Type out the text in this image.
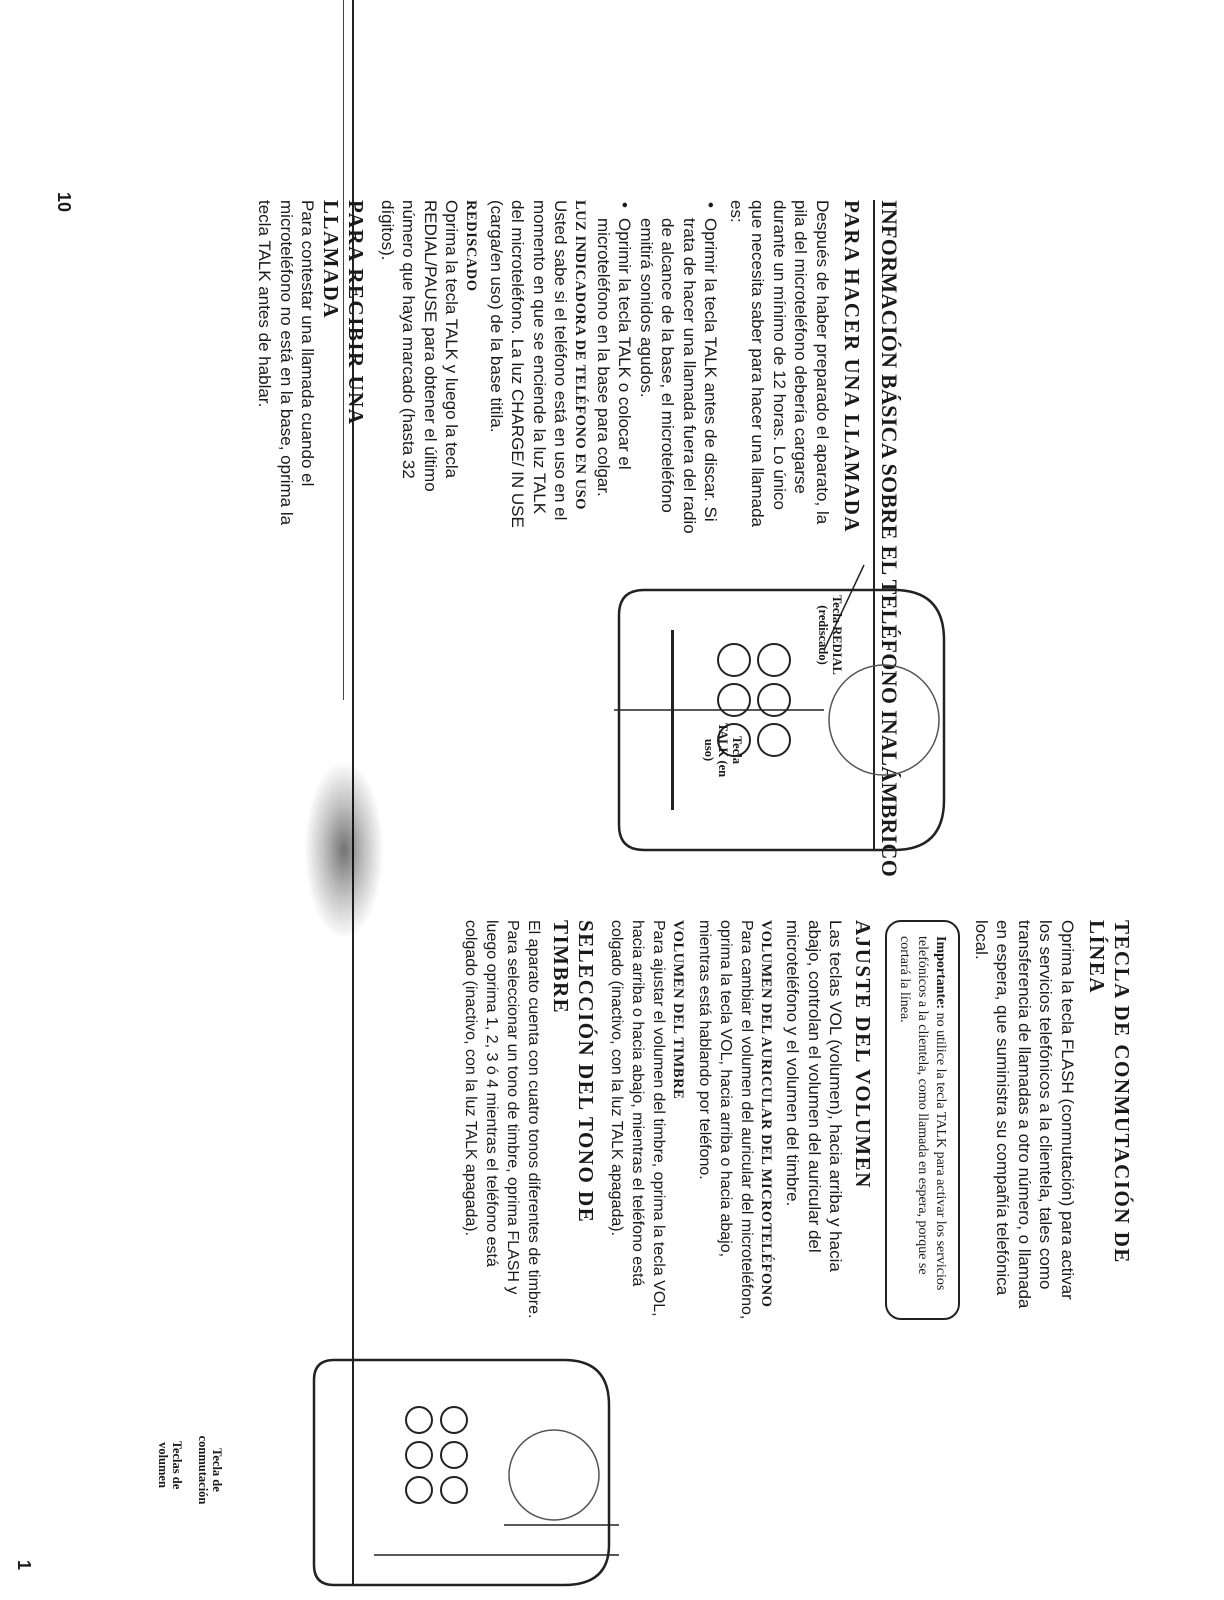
10	INFORMACIÓN BÁSICA SOBRE EL TELÉFONO INALÁMBRICO
PARA HACER UNA LLAMADA

Después de haber preparado el aparato, la pila del microteléfono debería cargarse durante un mínimo de 12 horas. Lo único que necesita saber para hacer una llamada es:

• Oprimir la tecla TALK antes de discar. Si trata de hacer una llamada fuera del radio de alcance de la base, el microteléfono emitirá sonidos agudos.
• Oprimir la tecla TALK o colocar el microteléfono en la base para colgar.
LUZ INDICADORA DE TELÉFONO EN USO

Usted sabe si el teléfono está en uso en el momento en que se enciende la luz TALK del microteléfono. La luz CHARGE/ IN USE (carga/en uso) de la base titila.

REDISCADO

Oprima la tecla TALK y luego la tecla REDIAL/PAUSE para obtener el último número que haya marcado (hasta 32 dígitos).

PARA RECIBIR UNA LLAMADA

Para contestar una llamada cuando el microteléfono no está en la base, oprima la tecla TALK antes de hablar.

Tecla REDIAL (rediscado)
Tecla TALK (en uso)
1
TECLA DE CONMUTACIÓN DE LÍNEA

Oprima la tecla FLASH (conmutación) para activar los servicios telefónicos a la clientela, tales como transferencia de llamadas a otro número, o llamada en espera, que suministra su compañía telefónica local.

Importante: no utilice la tecla TALK para activar los servicios telefónicos a la clientela, como llamada en espera, porque se cortará la línea.
AJUSTE DEL VOLUMEN

Las teclas VOL (volumen), hacia arriba y hacia abajo, controlan el volumen del auricular del microteléfono y el volumen del timbre.

VOLUMEN DEL AURICULAR DEL MICROTELÉFONO

Para cambiar el volumen del auricular del microteléfono, oprima la tecla VOL, hacia arriba o hacia abajo, mientras está hablando por teléfono.

VOLUMEN DEL TIMBRE

Para ajustar el volumen del timbre, oprima la tecla VOL, hacia arriba o hacia abajo, mientras el teléfono está colgado (inactivo, con la luz TALK apagada).

SELECCIÓN DEL TONO DE TIMBRE

El aparato cuenta con cuatro tonos diferentes de timbre. Para seleccionar un tono de timbre, oprima FLASH y luego oprima 1, 2, 3 ó 4 mientras el teléfono está colgado (inactivo, con la luz TALK apagada).

Tecla de conmutación
Teclas de volumen
